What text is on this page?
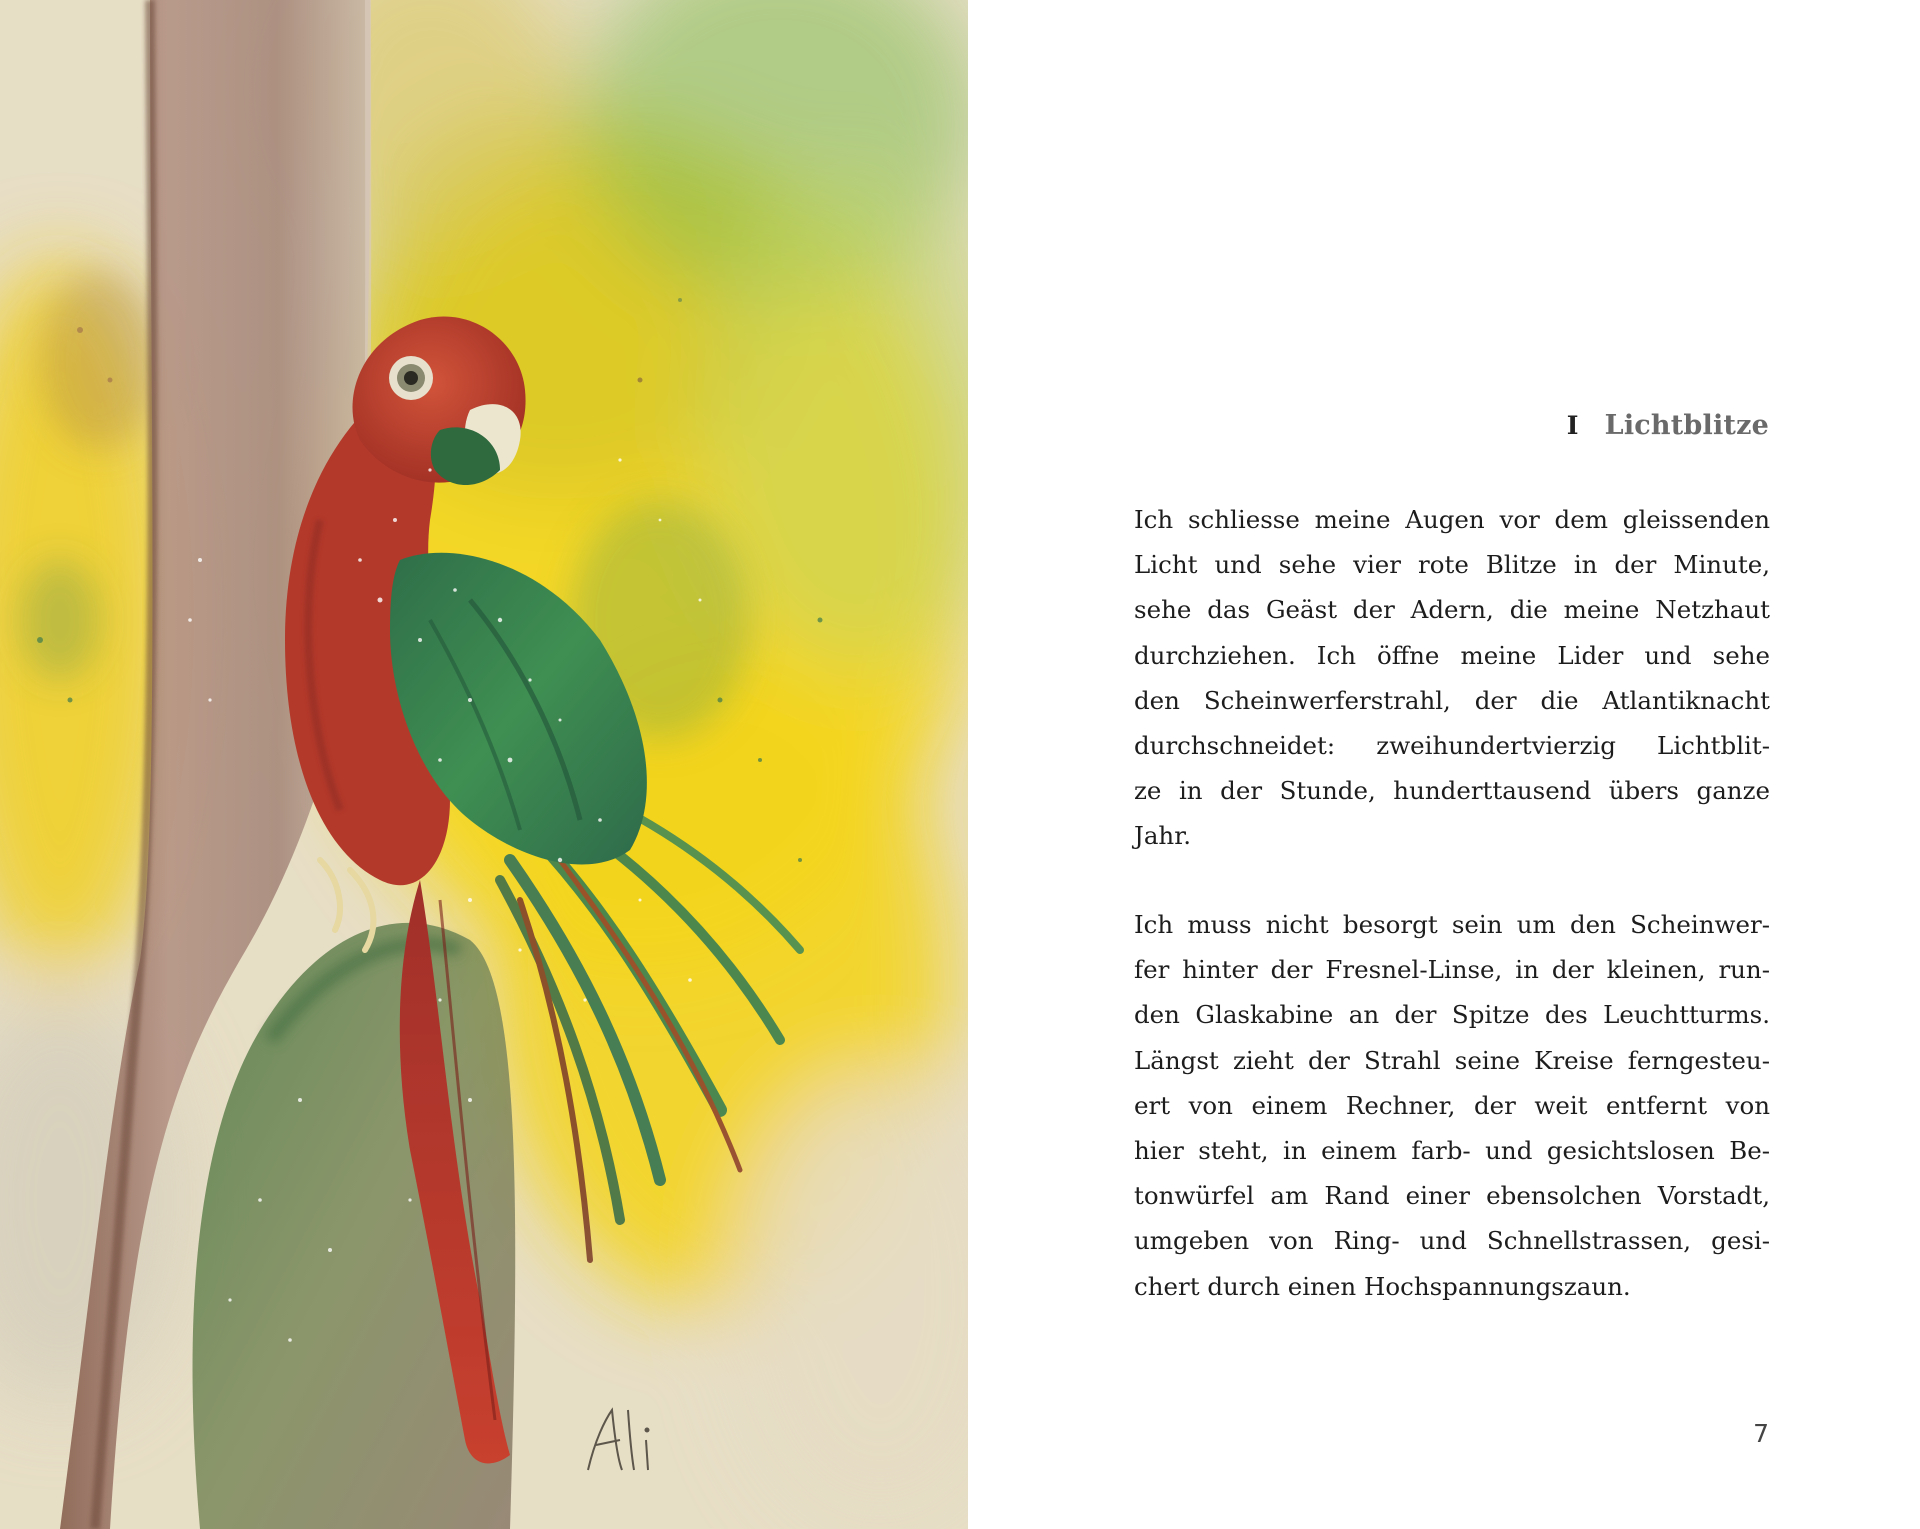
I Lichtblitze

Ich schliesse meine Augen vor dem gleissenden
Licht und sehe vier rote Blitze in der Minute,
sehe das Geäst der Adern, die meine Netzhaut
durchziehen. Ich öffne meine Lider und sehe
den Scheinwerferstrahl, der die Atlantiknacht
durchschneidet: zweihundertvierzig Lichtblit-
ze in der Stunde, hunderttausend übers ganze
Jahr.

Ich muss nicht besorgt sein um den Scheinwer-
fer hinter der Fresnel-Linse, in der kleinen, run-
den Glaskabine an der Spitze des Leuchtturms.
Längst zieht der Strahl seine Kreise ferngesteu-
ert von einem Rechner, der weit entfernt von
hier steht, in einem farb- und gesichtslosen Be-
tonwürfel am Rand einer ebensolchen Vorstadt,
umgeben von Ring- und Schnellstrassen, gesi-
chert durch einen Hochspannungszaun.

7
